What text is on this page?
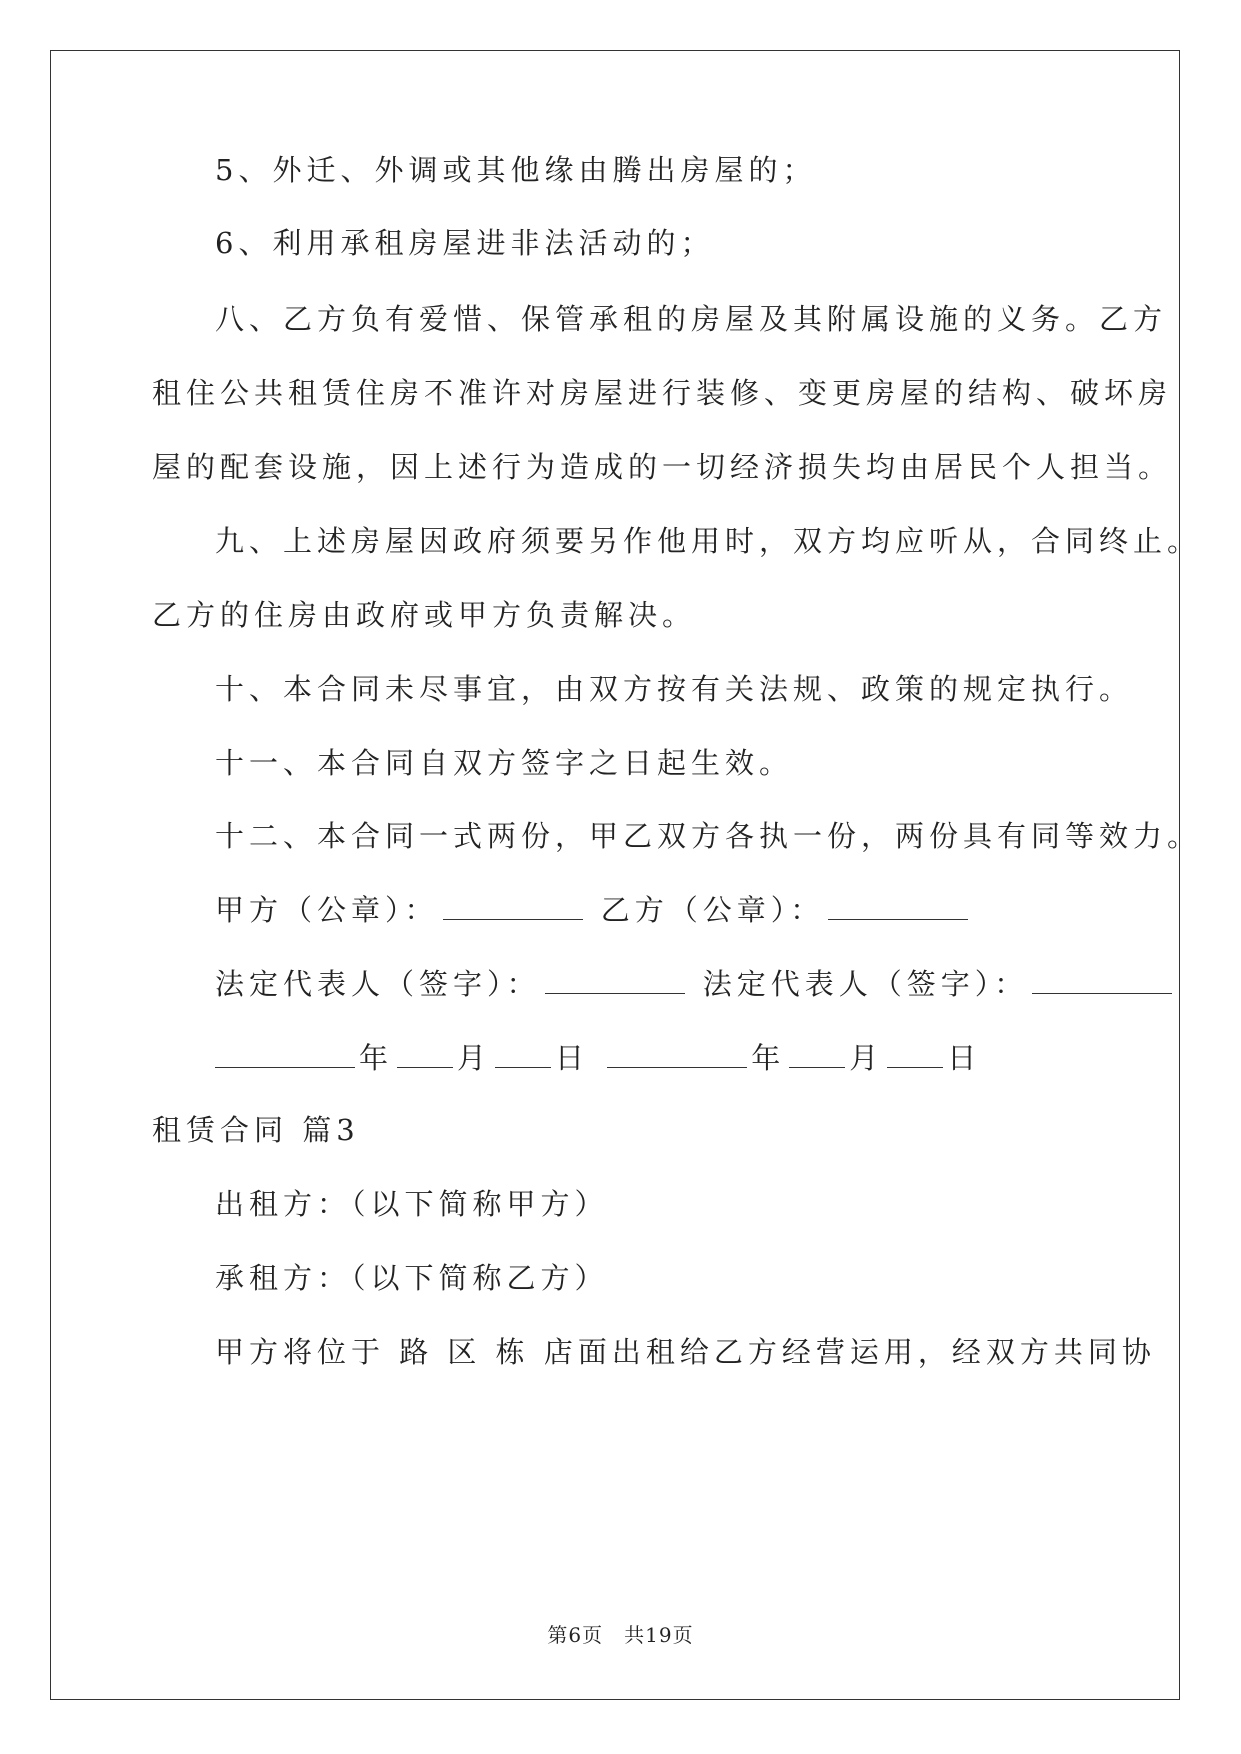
5、外迁、外调或其他缘由腾出房屋的；
6、利用承租房屋进非法活动的；
八、乙方负有爱惜、保管承租的房屋及其附属设施的义务。乙方
租住公共租赁住房不准许对房屋进行装修、变更房屋的结构、破坏房
屋的配套设施，因上述行为造成的一切经济损失均由居民个人担当。
九、上述房屋因政府须要另作他用时，双方均应听从，合同终止。
乙方的住房由政府或甲方负责解决。
十、本合同未尽事宜，由双方按有关法规、政策的规定执行。
十一、本合同自双方签字之日起生效。
十二、本合同一式两份，甲乙双方各执一份，两份具有同等效力。
甲方（公章）：	乙方（公章）：
法定代表人（签字）：	法定代表人（签字）：
年 月 日	年 月 日
租赁合同 篇3
出租方：（以下简称甲方）
承租方：（以下简称乙方）
甲方将位于 路 区 栋 店面出租给乙方经营运用，经双方共同协
第6页　共19页
